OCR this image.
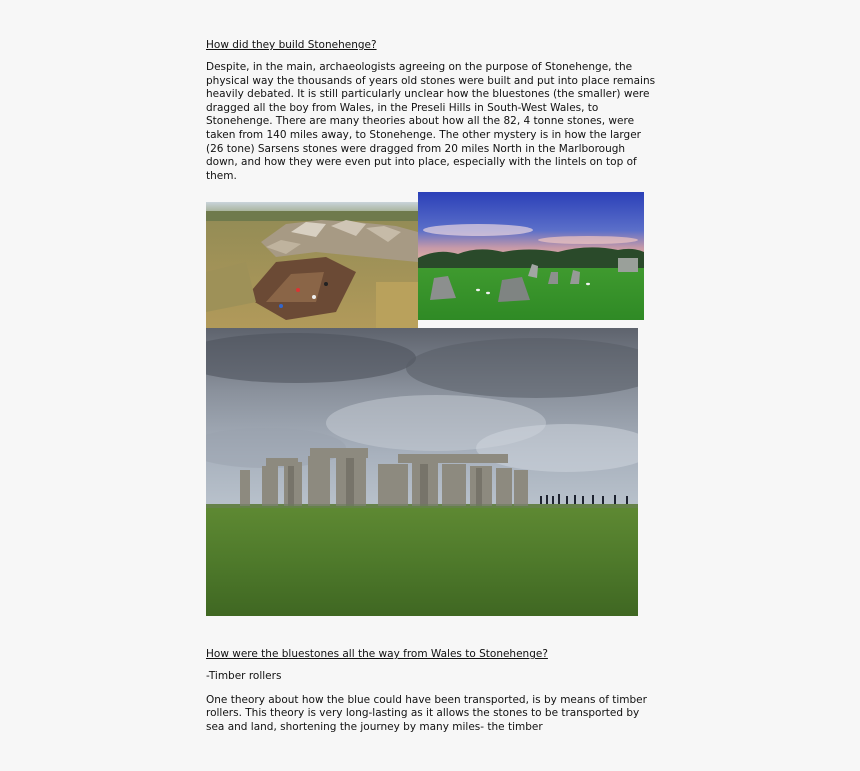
How did they build Stonehenge?

Despite, in the main, archaeologists agreeing on the purpose of Stonehenge, the physical way the thousands of years old stones were built and put into place remains heavily debated. It is still particularly unclear how the bluestones (the smaller) were dragged all the boy from Wales, in the Preseli Hills in South-West Wales, to Stonehenge. There are many theories about how all the 82, 4 tonne stones, were taken from 140 miles away, to Stonehenge. The other mystery is in how the larger (26 tone) Sarsens stones were dragged from 20 miles North in the Marlborough down, and how they were even put into place, especially with the lintels on top of them.

How were the bluestones all the way from Wales to Stonehenge?

-Timber rollers

One theory about how the blue could have been transported, is by means of timber rollers. This theory is very long-lasting as it allows the stones to be transported by sea and land, shortening the journey by many miles- the timber
